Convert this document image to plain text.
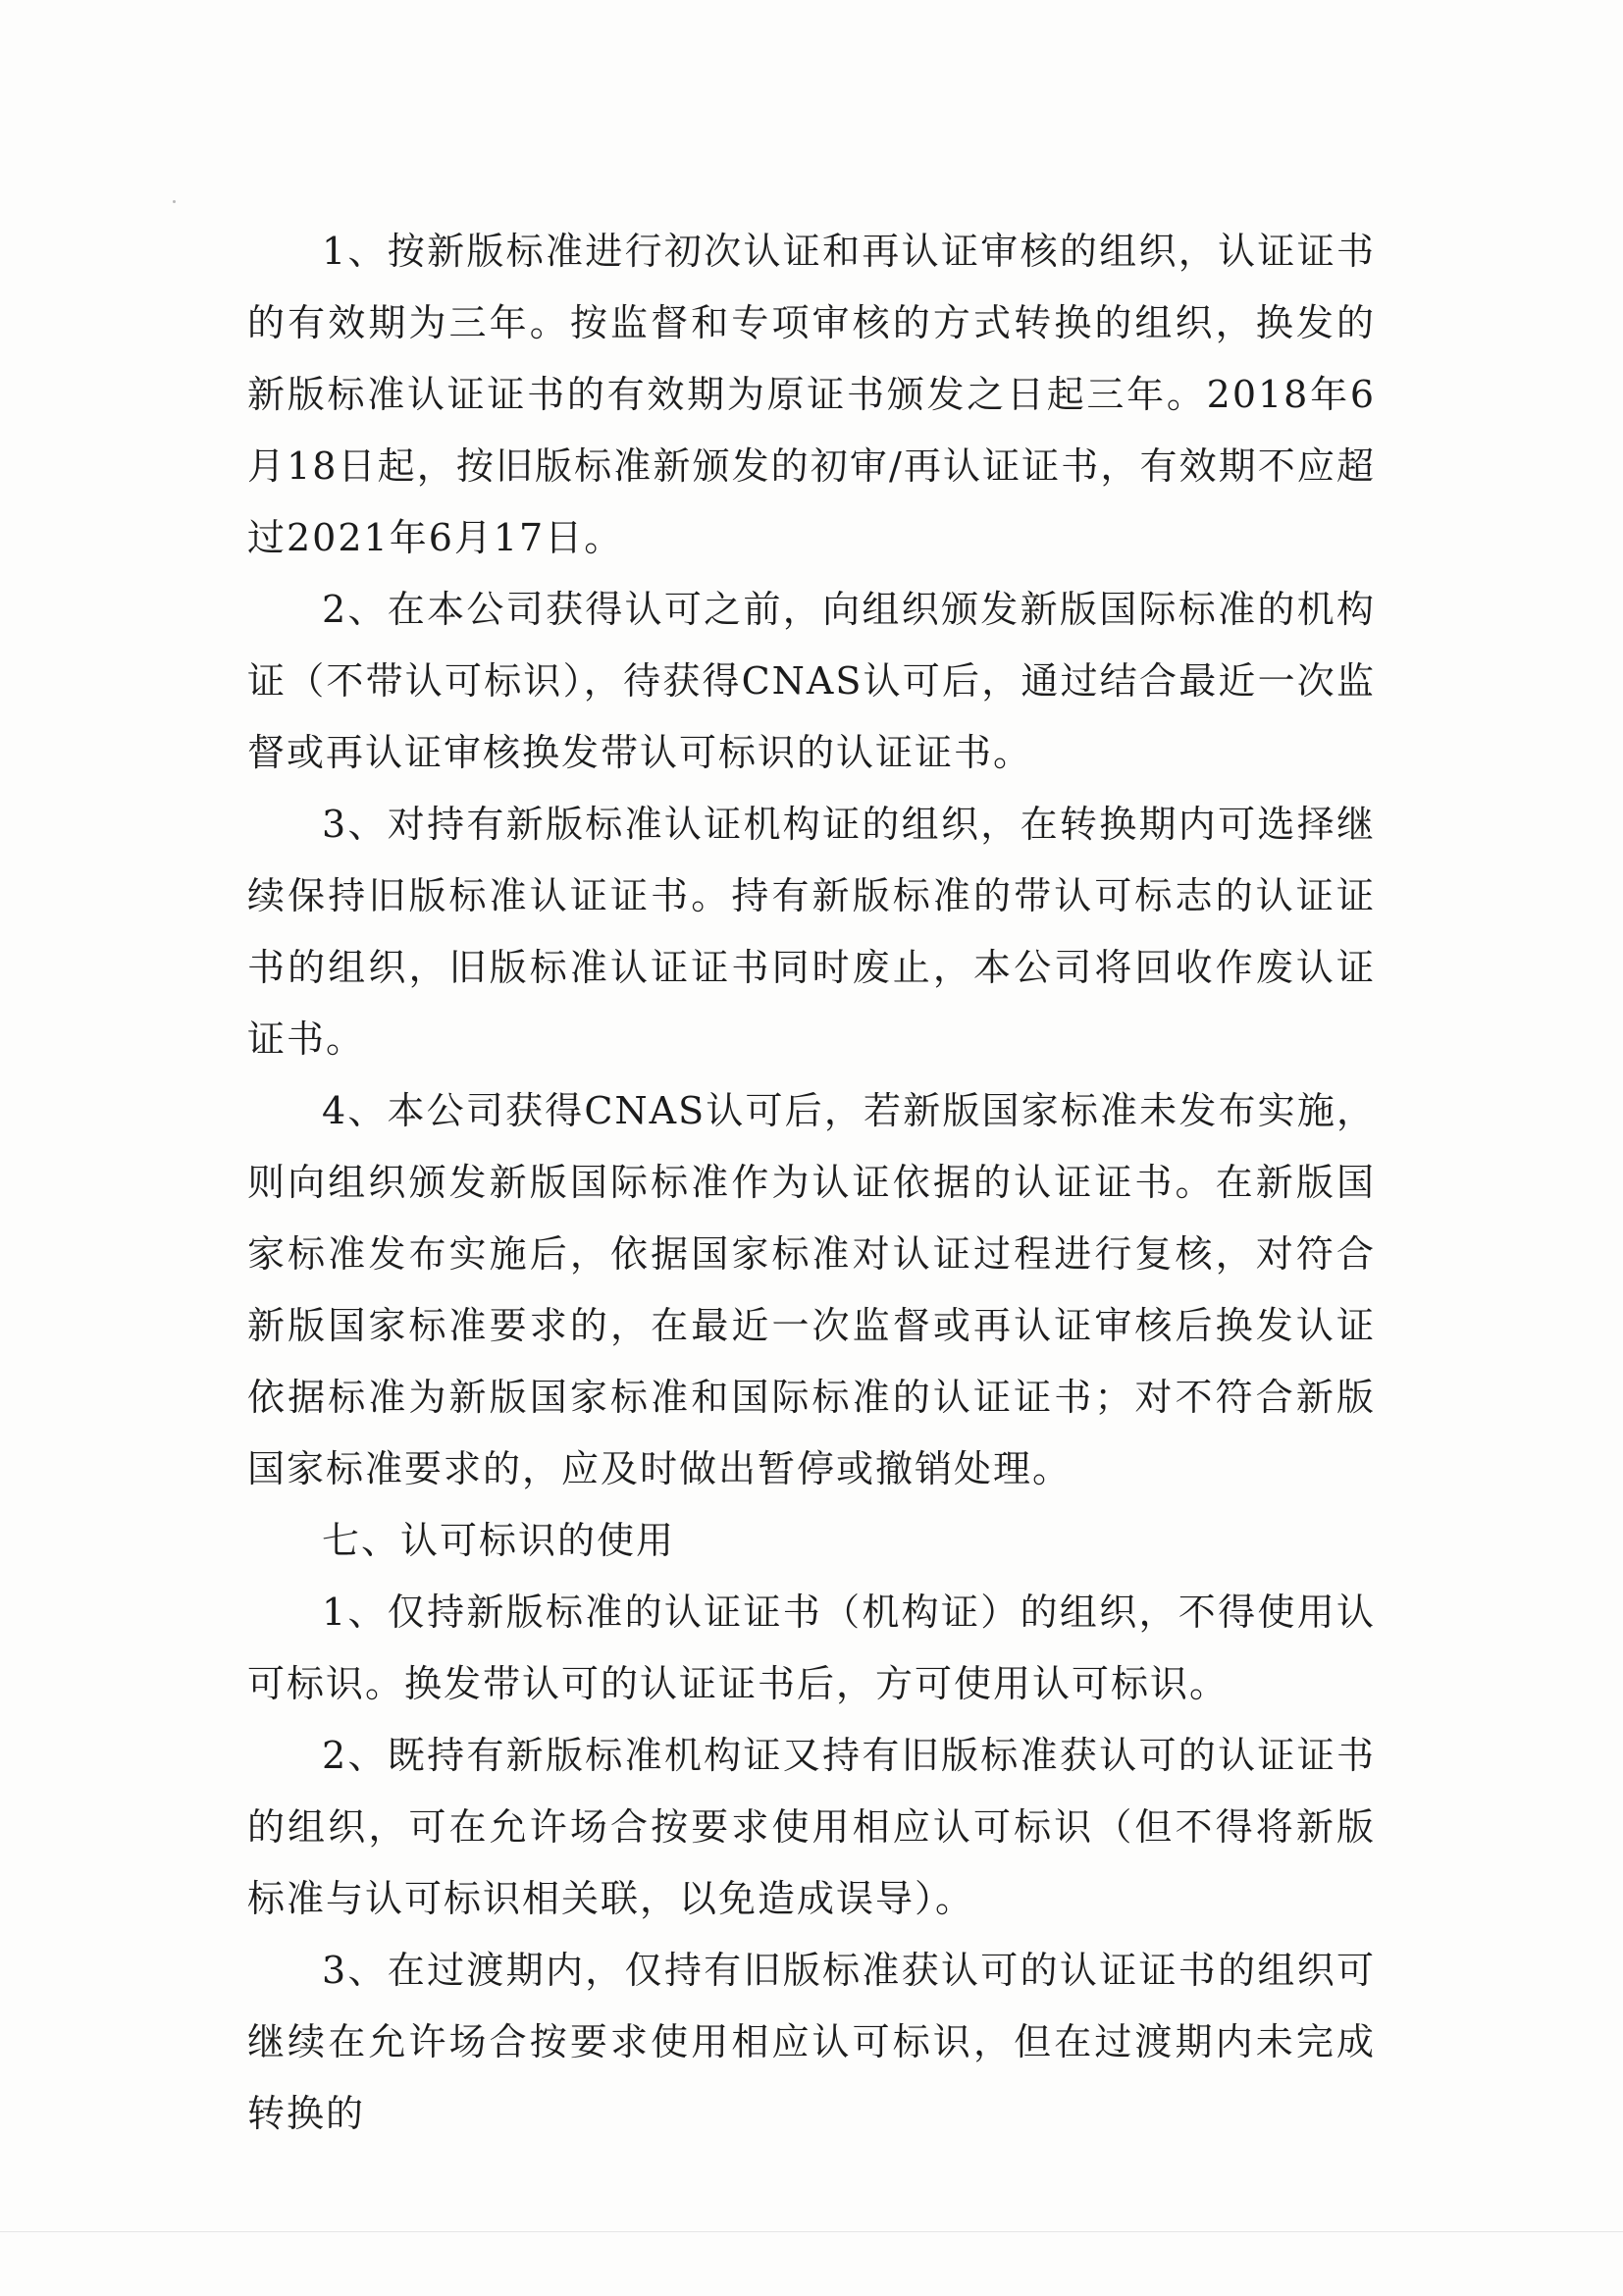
1、按新版标准进行初次认证和再认证审核的组织，认证证书的有效期为三年。按监督和专项审核的方式转换的组织，换发的新版标准认证证书的有效期为原证书颁发之日起三年。2018年6月18日起，按旧版标准新颁发的初审/再认证证书，有效期不应超过2021年6月17日。

2、在本公司获得认可之前，向组织颁发新版国际标准的机构证（不带认可标识），待获得CNAS认可后，通过结合最近一次监督或再认证审核换发带认可标识的认证证书。

3、对持有新版标准认证机构证的组织，在转换期内可选择继续保持旧版标准认证证书。持有新版标准的带认可标志的认证证书的组织，旧版标准认证证书同时废止，本公司将回收作废认证证书。

4、本公司获得CNAS认可后，若新版国家标准未发布实施，则向组织颁发新版国际标准作为认证依据的认证证书。在新版国家标准发布实施后，依据国家标准对认证过程进行复核，对符合新版国家标准要求的，在最近一次监督或再认证审核后换发认证依据标准为新版国家标准和国际标准的认证证书；对不符合新版国家标准要求的，应及时做出暂停或撤销处理。

七、认可标识的使用

1、仅持新版标准的认证证书（机构证）的组织，不得使用认可标识。换发带认可的认证证书后，方可使用认可标识。

2、既持有新版标准机构证又持有旧版标准获认可的认证证书的组织，可在允许场合按要求使用相应认可标识（但不得将新版标准与认可标识相关联，以免造成误导）。

3、在过渡期内，仅持有旧版标准获认可的认证证书的组织可继续在允许场合按要求使用相应认可标识，但在过渡期内未完成转换的
